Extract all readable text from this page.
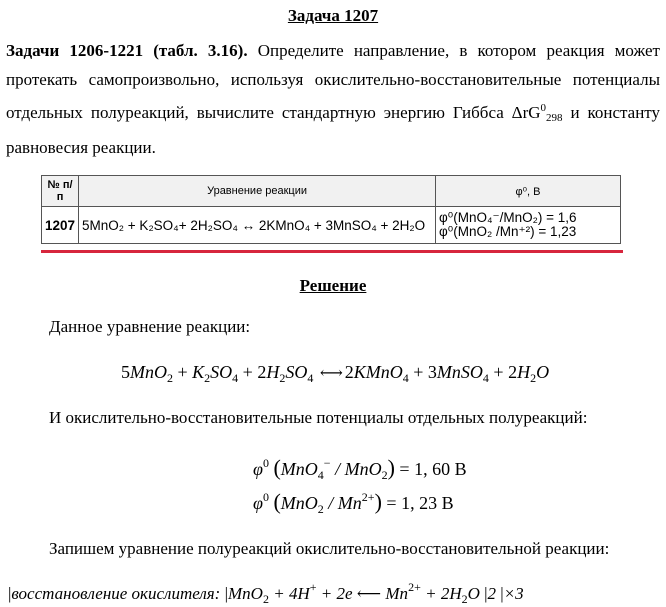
Задача 1207
Задачи 1206-1221 (табл. 3.16). Определите направление, в котором реакция может протекать самопроизвольно, используя окислительно-восстановительные потенциалы отдельных полуреакций, вычислите стандартную энергию Гиббса ΔrG$^0_{298}$ и константу равновесия реакции.
№ п/п	Уравнение реакции	φ⁰, В
1207	5MnO₂ + K₂SO₄+ 2H₂SO₄ ↔ 2KMnO₄ + 3MnSO₄ + 2H₂O	φ⁰(MnO₄⁻/MnO₂) = 1,6
φ⁰(MnO₂ /Mn⁺²) = 1,23
Решение
Данное уравнение реакции:
$5MnO_2 + K_2SO_4 + 2H_2SO_4$ ⟷ 2KMnO$_4$ + 3MnSO$_4$ + $2H_2O$
И окислительно-восстановительные потенциалы отдельных полуреакций:
$\varphi^0$ (MnO$_4$− / MnO$_2$) = 1, 60 В
$\varphi^0$ $(MnO_2 / Mn^{2+}) = 1$, 23 В
Запишем уравнение полуреакций окислительно-восстановительной реакции:
|восстановление окислителя: |MnO$_2$ + 4H+ + 2e ⟵ $Mn^{2+} + 2H_2O$ |2 |×3
